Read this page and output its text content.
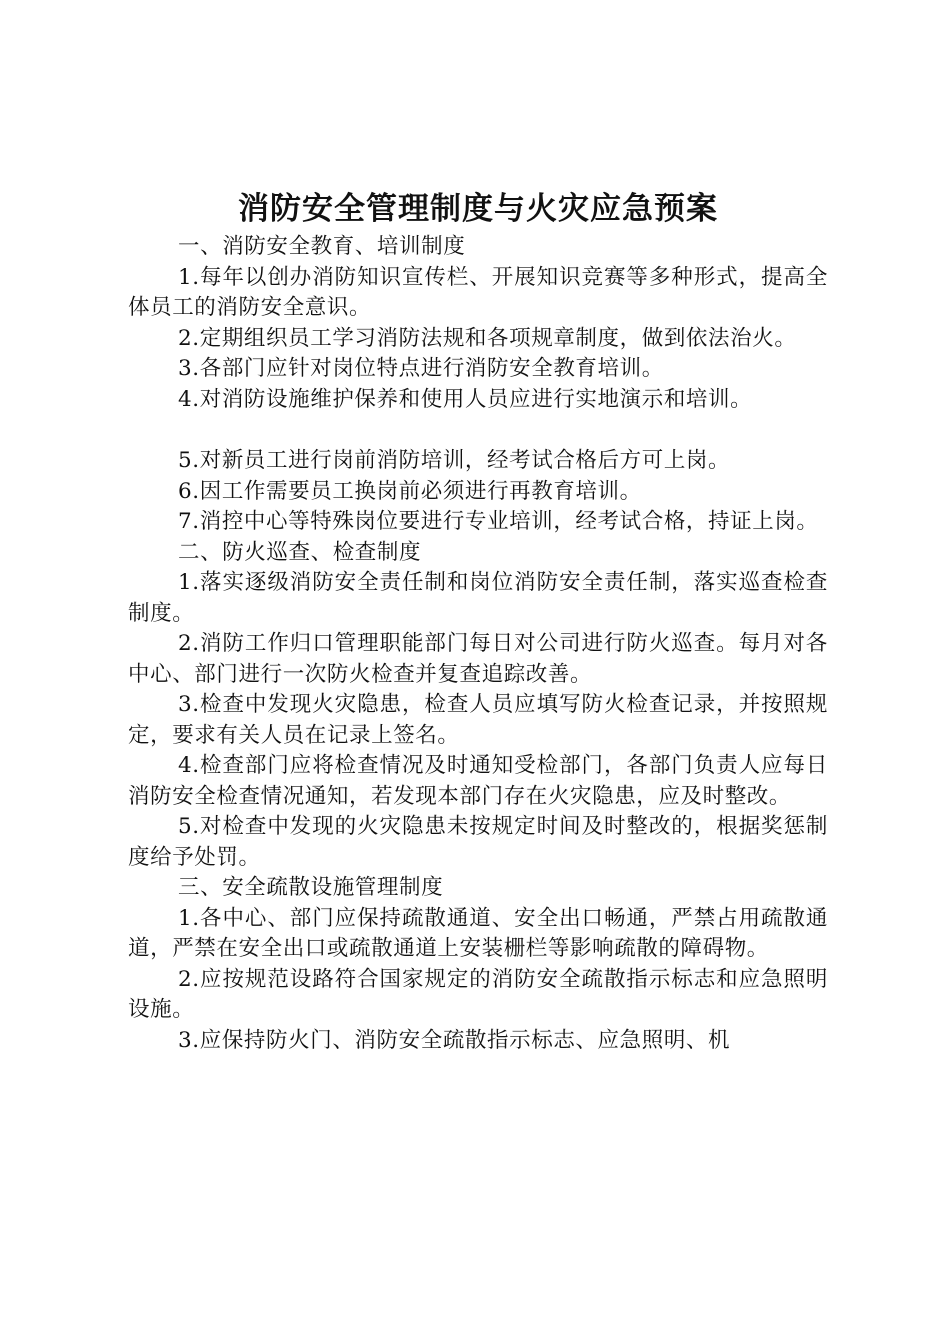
消防安全管理制度与火灾应急预案

一、消防安全教育、培训制度

1.每年以创办消防知识宣传栏、开展知识竞赛等多种形式，提高全体员工的消防安全意识。

2.定期组织员工学习消防法规和各项规章制度，做到依法治火。

3.各部门应针对岗位特点进行消防安全教育培训。

4.对消防设施维护保养和使用人员应进行实地演示和培训。

5.对新员工进行岗前消防培训，经考试合格后方可上岗。

6.因工作需要员工换岗前必须进行再教育培训。

7.消控中心等特殊岗位要进行专业培训，经考试合格，持证上岗。

二、防火巡查、检查制度

1.落实逐级消防安全责任制和岗位消防安全责任制，落实巡查检查制度。

2.消防工作归口管理职能部门每日对公司进行防火巡查。每月对各中心、部门进行一次防火检查并复查追踪改善。

3.检查中发现火灾隐患，检查人员应填写防火检查记录，并按照规定，要求有关人员在记录上签名。

4.检查部门应将检查情况及时通知受检部门，各部门负责人应每日消防安全检查情况通知，若发现本部门存在火灾隐患，应及时整改。

5.对检查中发现的火灾隐患未按规定时间及时整改的，根据奖惩制度给予处罚。

三、安全疏散设施管理制度

1.各中心、部门应保持疏散通道、安全出口畅通，严禁占用疏散通道，严禁在安全出口或疏散通道上安装栅栏等影响疏散的障碍物。

2.应按规范设路符合国家规定的消防安全疏散指示标志和应急照明设施。

3.应保持防火门、消防安全疏散指示标志、应急照明、机
